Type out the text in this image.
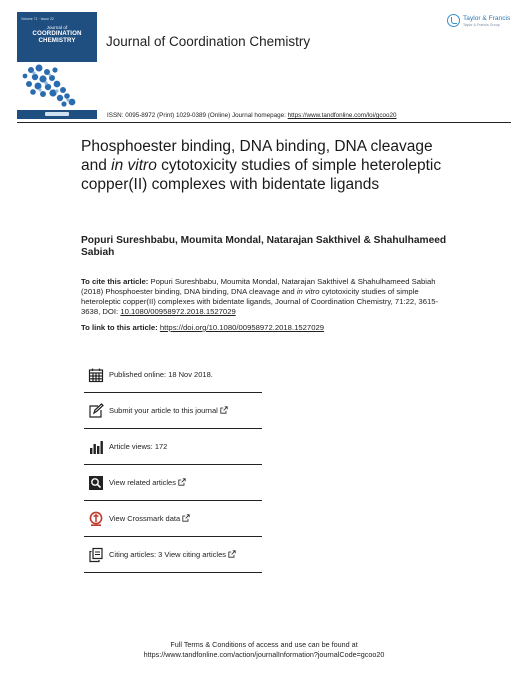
Volume 71 · Issue 22
Journal of
COORDINATION
CHEMISTRY	Journal of Coordination Chemistry
Taylor & Francis
Taylor & Francis Group
ISSN: 0095-8972 (Print) 1029-0389 (Online) Journal homepage: https://www.tandfonline.com/loi/gcoo20
Phosphoester binding, DNA binding, DNA cleavage and in vitro cytotoxicity studies of simple heteroleptic copper(II) complexes with bidentate ligands
Popuri Sureshbabu, Moumita Mondal, Natarajan Sakthivel & Shahulhameed Sabiah
To cite this article: Popuri Sureshbabu, Moumita Mondal, Natarajan Sakthivel & Shahulhameed Sabiah (2018) Phosphoester binding, DNA binding, DNA cleavage and in vitro cytotoxicity studies of simple heteroleptic copper(II) complexes with bidentate ligands, Journal of Coordination Chemistry, 71:22, 3615-3638, DOI: 10.1080/00958972.2018.1527029
To link to this article: https://doi.org/10.1080/00958972.2018.1527029
Published online: 18 Nov 2018.
Submit your article to this journal
Article views: 172
View related articles
View Crossmark data
Citing articles: 3 View citing articles
Full Terms & Conditions of access and use can be found at
https://www.tandfonline.com/action/journalInformation?journalCode=gcoo20
